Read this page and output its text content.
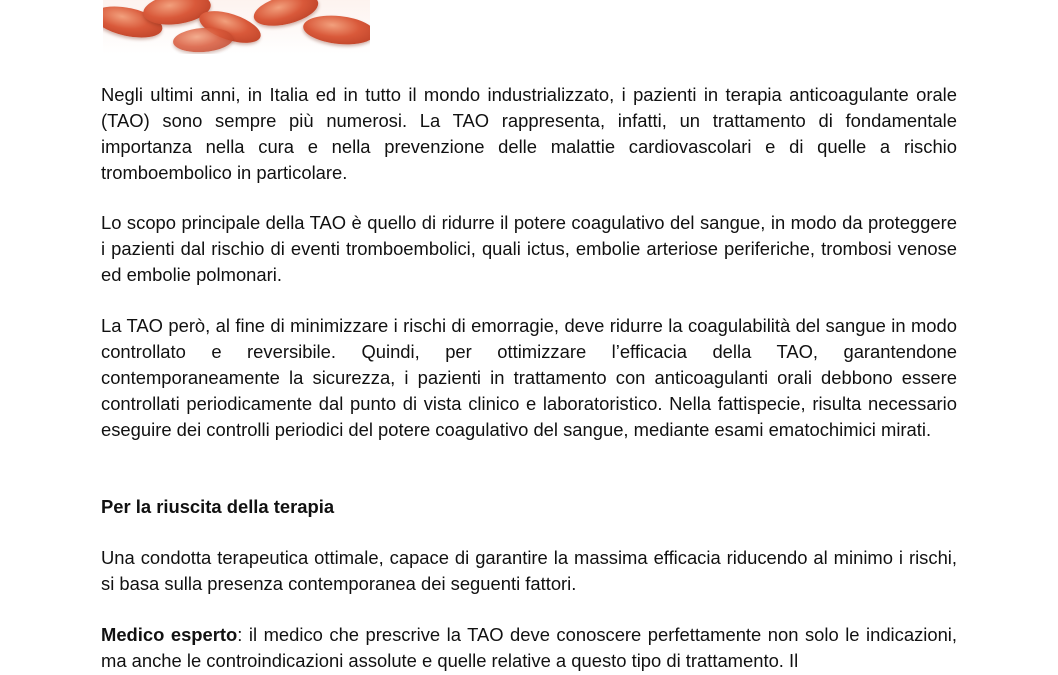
Negli ultimi anni, in Italia ed in tutto il mondo industrializzato, i pazienti in terapia anticoagulante orale (TAO) sono sempre più numerosi. La TAO rappresenta, infatti, un trattamento di fondamentale importanza nella cura e nella prevenzione delle malattie cardiovascolari e di quelle a rischio tromboembolico in particolare.

Lo scopo principale della TAO è quello di ridurre il potere coagulativo del sangue, in modo da proteggere i pazienti dal rischio di eventi tromboembolici, quali ictus, embolie arteriose periferiche, trombosi venose ed embolie polmonari.

La TAO però, al fine di minimizzare i rischi di emorragie, deve ridurre la coagulabilità del sangue in modo controllato e reversibile. Quindi, per ottimizzare l’efficacia della TAO, garantendone contemporaneamente la sicurezza, i pazienti in trattamento con anticoagulanti orali debbono essere controllati periodicamente dal punto di vista clinico e laboratoristico. Nella fattispecie, risulta necessario eseguire dei controlli periodici del potere coagulativo del sangue, mediante esami ematochimici mirati.

Per la riuscita della terapia

Una condotta terapeutica ottimale, capace di garantire la massima efficacia riducendo al minimo i rischi, si basa sulla presenza contemporanea dei seguenti fattori.

Medico esperto: il medico che prescrive la TAO deve conoscere perfettamente non solo le indicazioni, ma anche le controindicazioni assolute e quelle relative a questo tipo di trattamento. Il
